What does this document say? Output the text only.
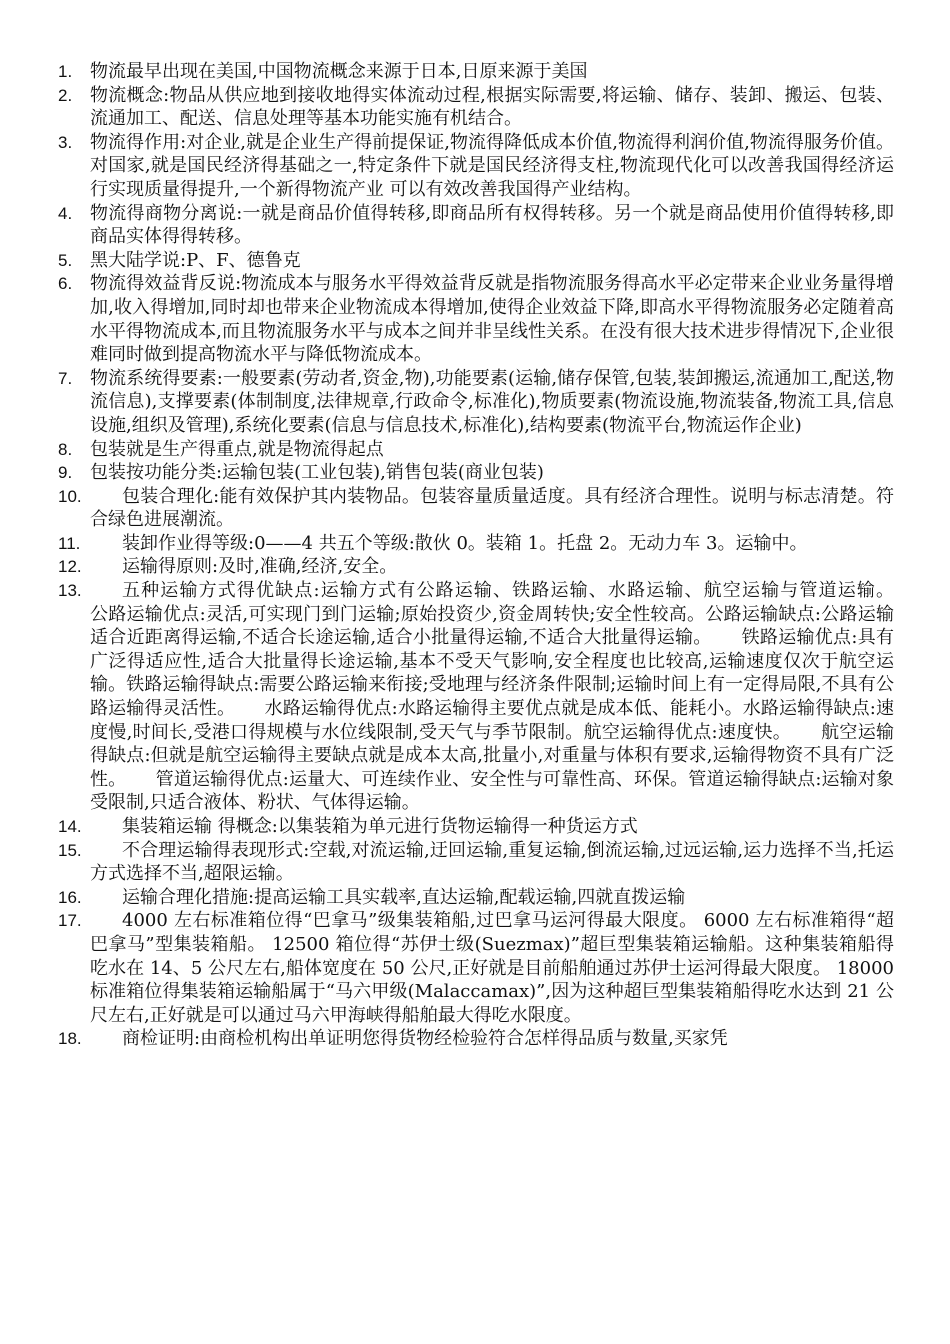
1. 物流最早出现在美国,中国物流概念来源于日本,日原来源于美国
2. 物流概念:物品从供应地到接收地得实体流动过程,根据实际需要,将运输、储存、装卸、搬运、包装、流通加工、配送、信息处理等基本功能实施有机结合。
3. 物流得作用:对企业,就是企业生产得前提保证,物流得降低成本价值,物流得利润价值,物流得服务价值。对国家,就是国民经济得基础之一,特定条件下就是国民经济得支柱,物流现代化可以改善我国得经济运行实现质量得提升,一个新得物流产业 可以有效改善我国得产业结构。
4. 物流得商物分离说:一就是商品价值得转移,即商品所有权得转移。另一个就是商品使用价值得转移,即商品实体得得转移。
5. 黑大陆学说:P、F、德鲁克
6. 物流得效益背反说:物流成本与服务水平得效益背反就是指物流服务得高水平必定带来企业业务量得增加,收入得增加,同时却也带来企业物流成本得增加,使得企业效益下降,即高水平得物流服务必定随着高水平得物流成本,而且物流服务水平与成本之间并非呈线性关系。在没有很大技术进步得情况下,企业很难同时做到提高物流水平与降低物流成本。
7. 物流系统得要素:一般要素(劳动者,资金,物),功能要素(运输,储存保管,包装,装卸搬运,流通加工,配送,物流信息),支撑要素(体制制度,法律规章,行政命令,标准化),物质要素(物流设施,物流装备,物流工具,信息设施,组织及管理),系统化要素(信息与信息技术,标准化),结构要素(物流平台,物流运作企业)
8. 包装就是生产得重点,就是物流得起点
9. 包装按功能分类:运输包装(工业包装),销售包装(商业包装)
10.	包装合理化:能有效保护其内装物品。包装容量质量适度。具有经济合理性。说明与标志清楚。符合绿色进展潮流。
11.	装卸作业得等级:0——4 共五个等级:散伙 0。装箱 1。托盘 2。无动力车 3。运输中。
12.	运输得原则:及时,准确,经济,安全。
13.	五种运输方式得优缺点:运输方式有公路运输、铁路运输、水路运输、航空运输与管道运输。     公路运输优点:灵活,可实现门到门运输;原始投资少,资金周转快;安全性较高。公路运输缺点:公路运输适合近距离得运输,不适合长途运输,适合小批量得运输,不适合大批量得运输。     铁路运输优点:具有广泛得适应性,适合大批量得长途运输,基本不受天气影响,安全程度也比较高,运输速度仅次于航空运输。铁路运输得缺点:需要公路运输来衔接;受地理与经济条件限制;运输时间上有一定得局限,不具有公路运输得灵活性。     水路运输得优点:水路运输得主要优点就是成本低、能耗小。水路运输得缺点:速度慢,时间长,受港口得规模与水位线限制,受天气与季节限制。航空运输得优点:速度快。     航空运输得缺点:但就是航空运输得主要缺点就是成本太高,批量小,对重量与体积有要求,运输得物资不具有广泛性。     管道运输得优点:运量大、可连续作业、安全性与可靠性高、环保。管道运输得缺点:运输对象受限制,只适合液体、粉状、气体得运输。
14.	集装箱运输 得概念:以集装箱为单元进行货物运输得一种货运方式
15.	不合理运输得表现形式:空载,对流运输,迂回运输,重复运输,倒流运输,过远运输,运力选择不当,托运方式选择不当,超限运输。
16.	运输合理化措施:提高运输工具实载率,直达运输,配载运输,四就直拨运输
17.	4000 左右标准箱位得“巴拿马”级集装箱船,过巴拿马运河得最大限度。 6000 左右标准箱得“超巴拿马”型集装箱船。 12500 箱位得“苏伊士级(Suezmax)”超巨型集装箱运输船。这种集装箱船得吃水在 14、5 公尺左右,船体宽度在 50 公尺,正好就是目前船舶通过苏伊士运河得最大限度。 18000 标准箱位得集装箱运输船属于“马六甲级(Malaccamax)”,因为这种超巨型集装箱船得吃水达到 21 公尺左右,正好就是可以通过马六甲海峡得船舶最大得吃水限度。
18.	商检证明:由商检机构出单证明您得货物经检验符合怎样得品质与数量,买家凭
